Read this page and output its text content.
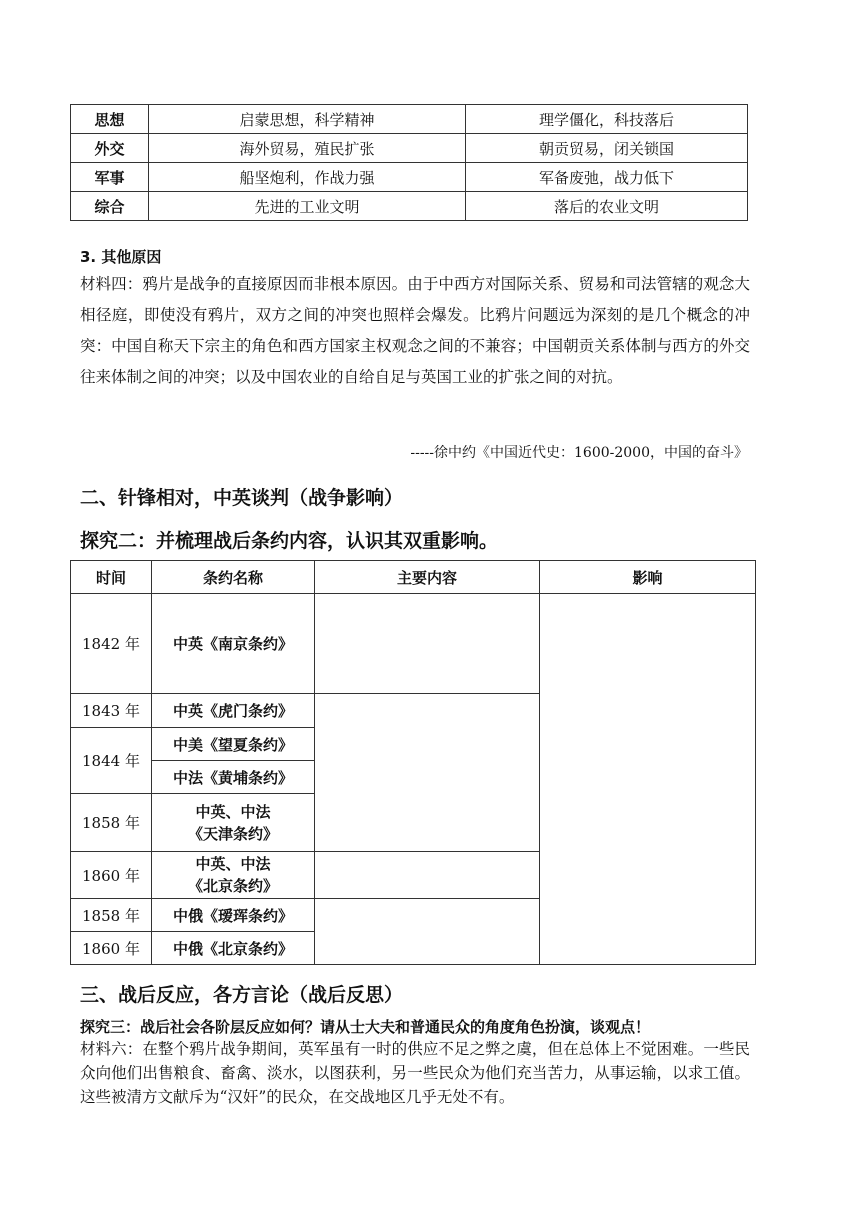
思想	启蒙思想，科学精神	理学僵化，科技落后
外交	海外贸易，殖民扩张	朝贡贸易，闭关锁国
军事	船坚炮利，作战力强	军备废弛，战力低下
综合	先进的工业文明	落后的农业文明
3. 其他原因
材料四：鸦片是战争的直接原因而非根本原因。由于中西方对国际关系、贸易和司法管辖的观念大相径庭，即使没有鸦片，双方之间的冲突也照样会爆发。比鸦片问题远为深刻的是几个概念的冲突：中国自称天下宗主的角色和西方国家主权观念之间的不兼容；中国朝贡关系体制与西方的外交往来体制之间的冲突；以及中国农业的自给自足与英国工业的扩张之间的对抗。
-----徐中约《中国近代史：1600-2000，中国的奋斗》
二、针锋相对，中英谈判（战争影响）
探究二：并梳理战后条约内容，认识其双重影响。
时间	条约名称	主要内容	影响
1842 年	中英《南京条约》		
1843 年	中英《虎门条约》		
1844 年	中美《望夏条约》		
	中法《黄埔条约》		
1858 年	中英、中法
《天津条约》		

1860 年	中英、中法
《北京条约》		

1858 年	中俄《瑷珲条约》		
1860 年	中俄《北京条约》		
三、战后反应，各方言论（战后反思）
探究三：战后社会各阶层反应如何？请从士大夫和普通民众的角度角色扮演，谈观点！
材料六：在整个鸦片战争期间，英军虽有一时的供应不足之弊之虞，但在总体上不觉困难。一些民众向他们出售粮食、畜禽、淡水，以图获利，另一些民众为他们充当苦力，从事运输，以求工值。这些被清方文献斥为“汉奸”的民众，在交战地区几乎无处不有。
